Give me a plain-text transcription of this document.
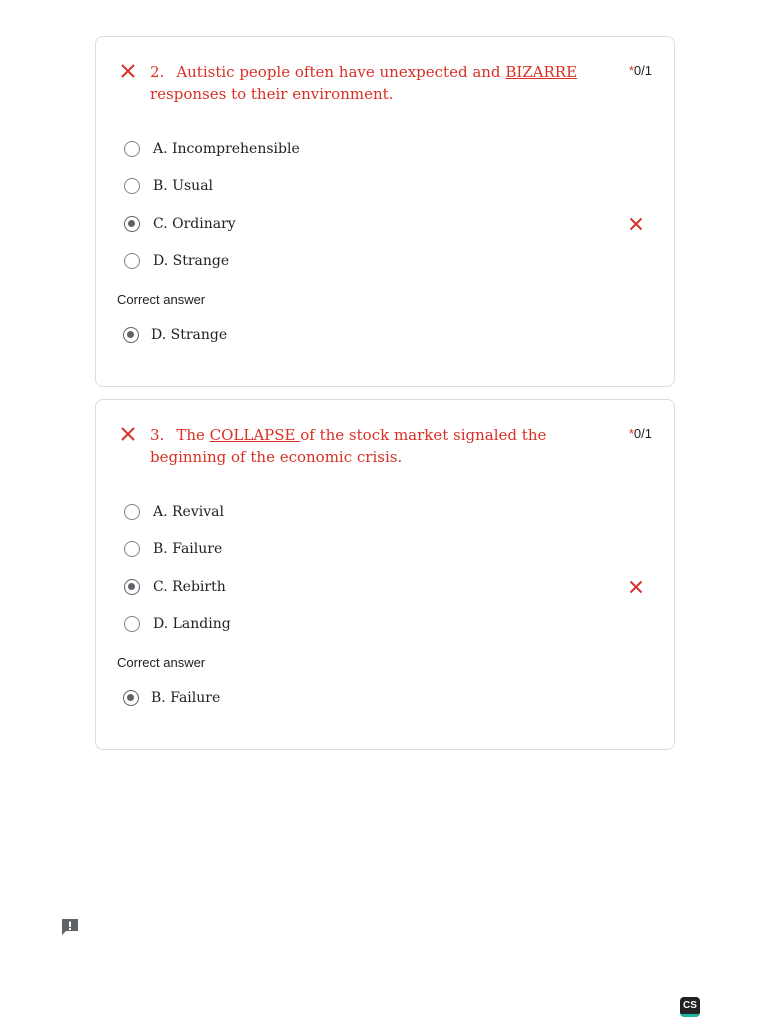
2. Autistic people often have unexpected and BIZARRE responses to their environment.
*0/1
A. Incomprehensible
B. Usual
C. Ordinary
D. Strange
Correct answer
D. Strange
3. The COLLAPSE of the stock market signaled the beginning of the economic crisis.
*0/1
A. Revival
B. Failure
C. Rebirth
D. Landing
Correct answer
B. Failure
CS
